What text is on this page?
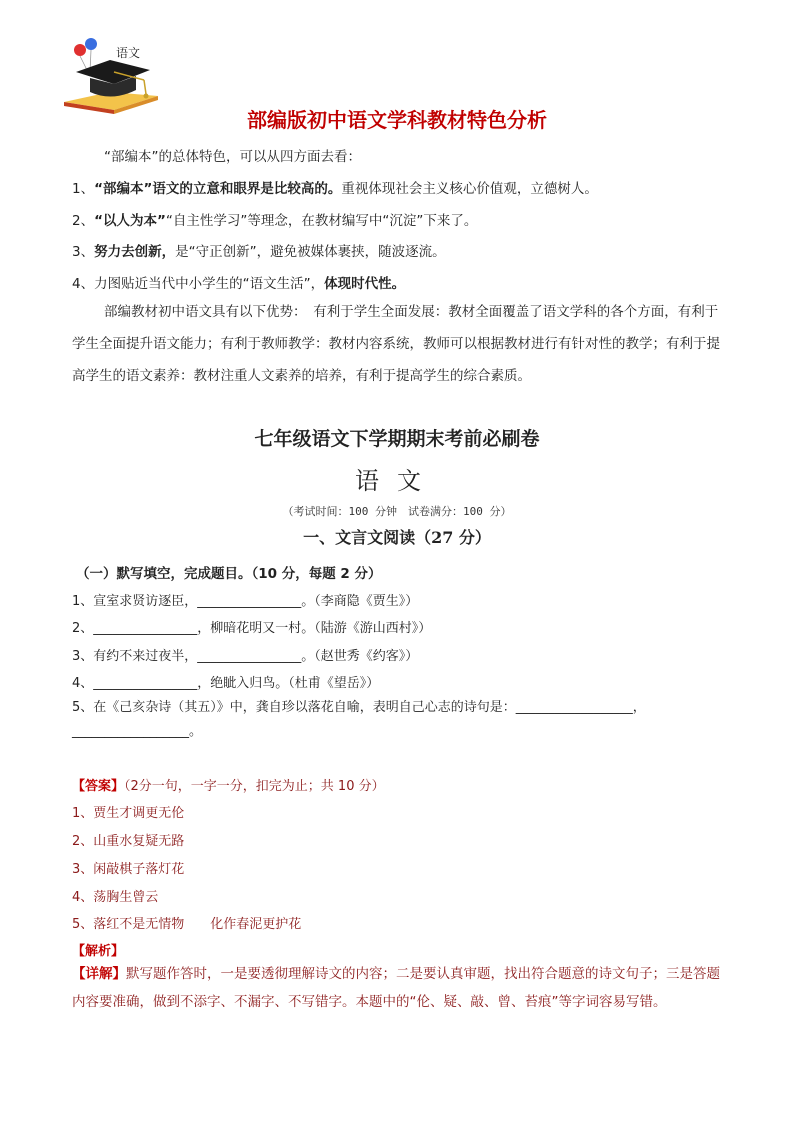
语文
部编版初中语文学科教材特色分析
“部编本”的总体特色，可以从四方面去看：
1、“部编本”语文的立意和眼界是比较高的。重视体现社会主义核心价值观，立德树人。
2、“以人为本”“自主性学习”等理念，在教材编写中“沉淀”下来了。
3、努力去创新，是“守正创新”，避免被媒体裹挟，随波逐流。
4、力图贴近当代中小学生的“语文生活”，体现时代性。
部编教材初中语文具有以下优势：　有利于学生全面发展：教材全面覆盖了语文学科的各个方面，有利于学生全面提升语文能力；有利于教师教学：教材内容系统，教师可以根据教材进行有针对性的教学；有利于提高学生的语文素养：教材注重人文素养的培养，有利于提高学生的综合素质。
七年级语文下学期期末考前必刷卷
语文
（考试时间：100 分钟　试卷满分：100 分）
一、文言文阅读（27 分）
（一）默写填空，完成题目。（10 分，每题 2 分）
1、宣室求贤访逐臣，________________。（李商隐《贾生》）
2、________________，柳暗花明又一村。（陆游《游山西村》）
3、有约不来过夜半，________________。（赵世秀《约客》）
4、________________，绝眦入归鸟。（杜甫《望岳》）
5、在《己亥杂诗（其五）》中，龚自珍以落花自喻，表明自己心志的诗句是：__________________，
__________________。
【答案】（2分一句，一字一分，扣完为止；共 10 分）
1、贾生才调更无伦
2、山重水复疑无路
3、闲敲棋子落灯花
4、荡胸生曾云
5、落红不是无情物　　化作春泥更护花
【解析】
【详解】默写题作答时，一是要透彻理解诗文的内容；二是要认真审题，找出符合题意的诗文句子；三是答题内容要准确，做到不添字、不漏字、不写错字。本题中的“伦、疑、敲、曾、苔痕”等字词容易写错。
